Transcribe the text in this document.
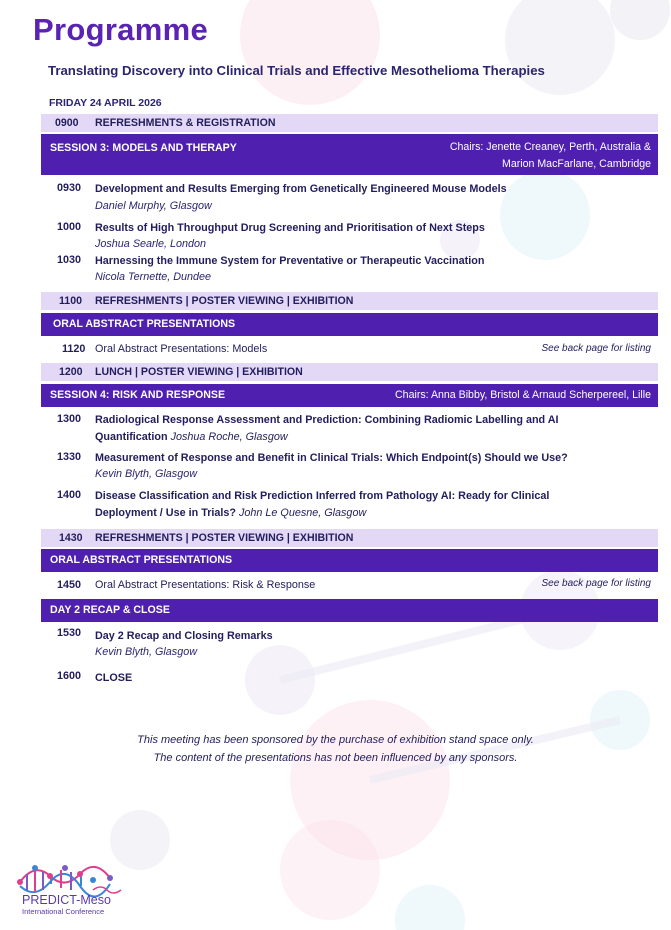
Programme
Translating Discovery into Clinical Trials and Effective Mesothelioma Therapies
FRIDAY 24 APRIL 2026
0900 REFRESHMENTS & REGISTRATION
SESSION 3: MODELS AND THERAPY	Chairs: Jenette Creaney, Perth, Australia &
Marion MacFarlane, Cambridge
0930 Development and Results Emerging from Genetically Engineered Mouse Models
Daniel Murphy, Glasgow
1000 Results of High Throughput Drug Screening and Prioritisation of Next Steps
Joshua Searle, London
1030 Harnessing the Immune System for Preventative or Therapeutic Vaccination
Nicola Ternette, Dundee
1100 REFRESHMENTS | POSTER VIEWING | EXHIBITION
ORAL ABSTRACT PRESENTATIONS
1120 Oral Abstract Presentations: Models	See back page for listing
1200 LUNCH | POSTER VIEWING | EXHIBITION
SESSION 4: RISK AND RESPONSE	Chairs: Anna Bibby, Bristol & Arnaud Scherpereel, Lille
1300 Radiological Response Assessment and Prediction: Combining Radiomic Labelling and AI
Quantification Joshua Roche, Glasgow
1330 Measurement of Response and Benefit in Clinical Trials: Which Endpoint(s) Should we Use?
Kevin Blyth, Glasgow
1400 Disease Classification and Risk Prediction Inferred from Pathology AI: Ready for Clinical
Deployment / Use in Trials? John Le Quesne, Glasgow
1430 REFRESHMENTS | POSTER VIEWING | EXHIBITION
ORAL ABSTRACT PRESENTATIONS
1450 Oral Abstract Presentations: Risk & Response	See back page for listing
DAY 2 RECAP & CLOSE
1530 Day 2 Recap and Closing Remarks
Kevin Blyth, Glasgow
1600 CLOSE
This meeting has been sponsored by the purchase of exhibition stand space only.
The content of the presentations has not been influenced by any sponsors.
PREDICT-Meso
International Conference
